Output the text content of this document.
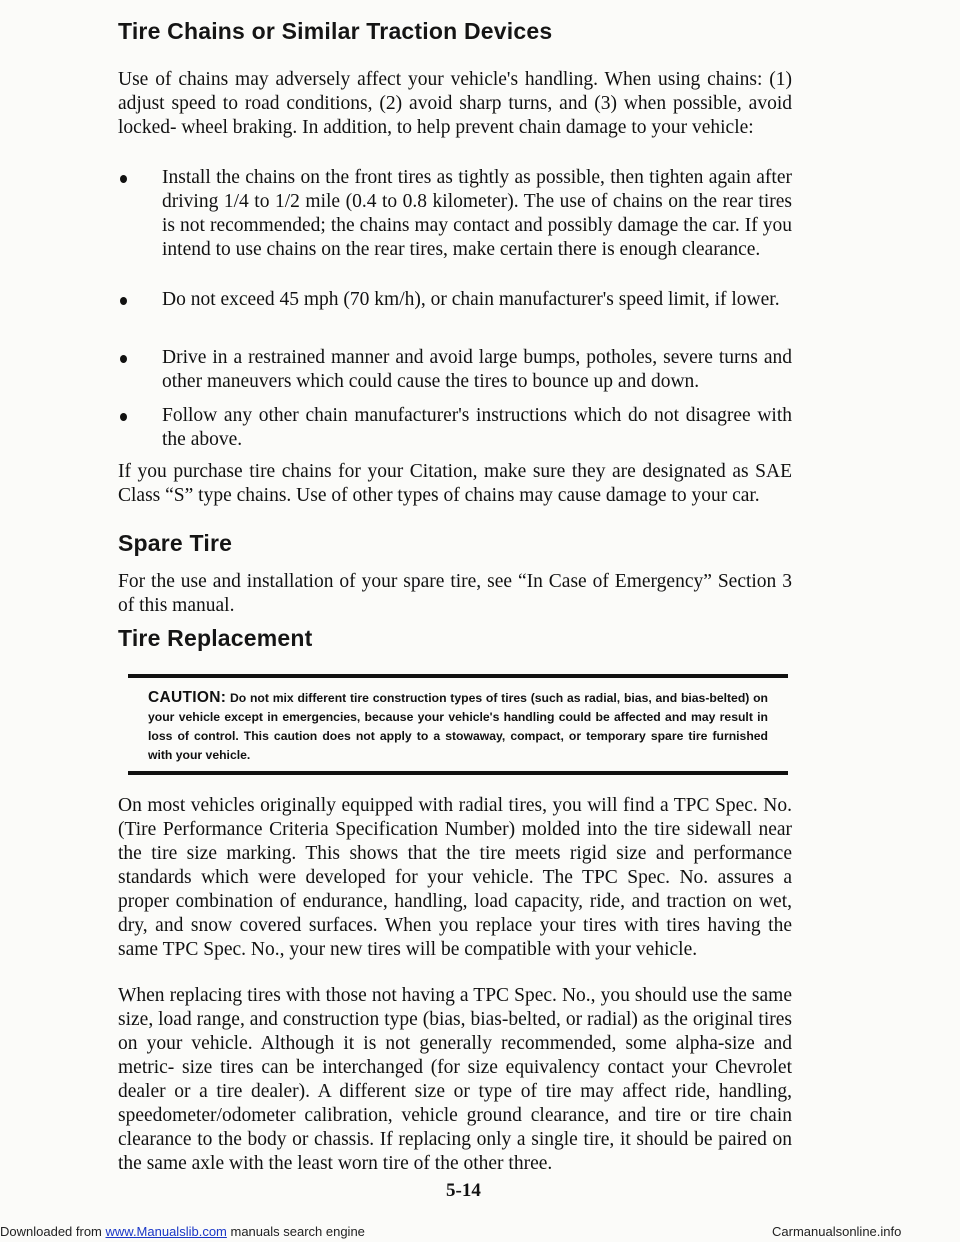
Tire Chains or Similar Traction Devices

Use of chains may adversely affect your vehicle's handling. When using chains: (1) adjust speed to road conditions, (2) avoid sharp turns, and (3) when possible, avoid locked- wheel braking. In addition, to help prevent chain damage to your vehicle:

Install the chains on the front tires as tightly as possible, then tighten again after driving 1/4 to 1/2 mile (0.4 to 0.8 kilometer). The use of chains on the rear tires is not recommended; the chains may contact and possibly damage the car. If you intend to use chains on the rear tires, make certain there is enough clearance.

Do not exceed 45 mph (70 km/h), or chain manufacturer's speed limit, if lower.

Drive in a restrained manner and avoid large bumps, potholes, severe turns and other maneuvers which could cause the tires to bounce up and down.

Follow any other chain manufacturer's instructions which do not disagree with the above.

If you purchase tire chains for your Citation, make sure they are designated as SAE Class “S” type chains. Use of other types of chains may cause damage to your car.

Spare Tire

For the use and installation of your spare tire, see “In Case of Emergency” Section 3 of this manual.

Tire Replacement

CAUTION: Do not mix different tire construction types of tires (such as radial, bias, and bias-belted) on your vehicle except in emergencies, because your vehicle's handling could be affected and may result in loss of control. This caution does not apply to a stowaway, compact, or temporary spare tire furnished with your vehicle.

On most vehicles originally equipped with radial tires, you will find a TPC Spec. No. (Tire Performance Criteria Specification Number) molded into the tire sidewall near the tire size marking. This shows that the tire meets rigid size and performance standards which were developed for your vehicle. The TPC Spec. No. assures a proper combination of endurance, handling, load capacity, ride, and traction on wet, dry, and snow covered surfaces. When you replace your tires with tires having the same TPC Spec. No., your new tires will be compatible with your vehicle.

When replacing tires with those not having a TPC Spec. No., you should use the same size, load range, and construction type (bias, bias-belted, or radial) as the original tires on your vehicle. Although it is not generally recommended, some alpha-size and metric- size tires can be interchanged (for size equivalency contact your Chevrolet dealer or a tire dealer). A different size or type of tire may affect ride, handling, speedometer/odometer calibration, vehicle ground clearance, and tire or tire chain clearance to the body or chassis. If replacing only a single tire, it should be paired on the same axle with the least worn tire of the other three.

5-14

Downloaded from www.Manualslib.com manuals search engine	Carmanualsonline.info
